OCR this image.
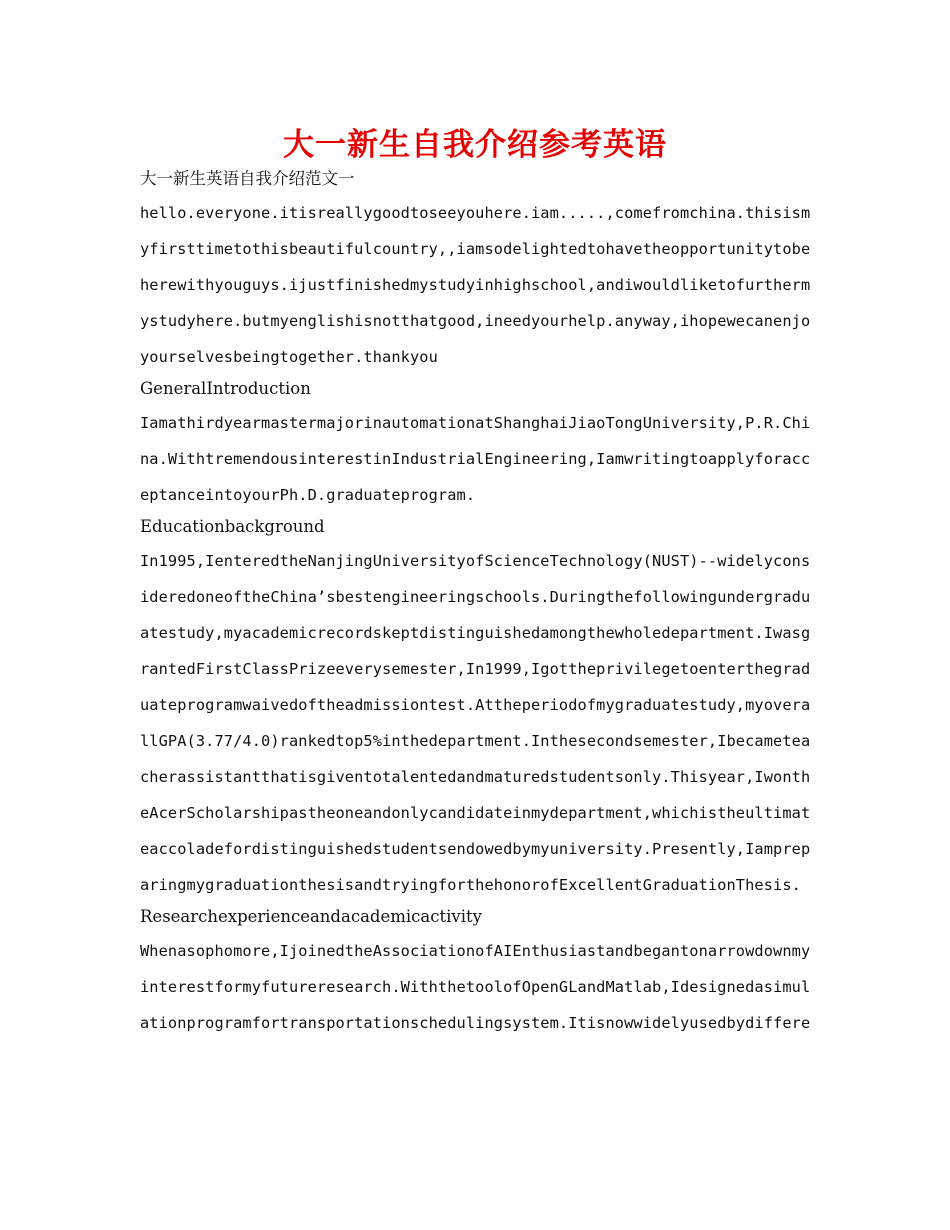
大一新生自我介绍参考英语
大一新生英语自我介绍范文一
hello.everyone.itisreallygoodtoseeyouhere.iam.....,comefromchina.thisismyfirsttimetothisbeautifulcountry,,iamsodelightedtohavetheopportunitytobeherewithyouguys.ijustfinishedmystudyinhighschool,andiwouldliketofurthermystudyhere.butmyenglishisnotthatgood,ineedyourhelp.anyway,ihopewecanenjoyourselvesbeingtogether.thankyou
GeneralIntroduction
IamathirdyearmastermajorinautomationatShanghaiJiaoTongUniversity,P.R.China.WithtremendousinterestinIndustrialEngineering,IamwritingtoapplyforacceptanceintoyourPh.D.graduateprogram.
Educationbackground
In1995,IenteredtheNanjingUniversityofScienceTechnology(NUST)--widelyconsideredoneoftheChina’sbestengineeringschools.Duringthefollowingundergraduatestudy,myacademicrecordskeptdistinguishedamongthewholedepartment.IwasgrantedFirstClassPrizeeverysemester,In1999,Igottheprivilegetoenterthegraduateprogramwaivedoftheadmissiontest.Attheperiodofmygraduatestudy,myoverallGPA(3.77/4.0)rankedtop5%inthedepartment.Inthesecondsemester,Ibecameteacherassistantthatisgiventotalentedandmaturedstudentsonly.Thisyear,IwontheAcerScholarshipastheoneandonlycandidateinmydepartment,whichistheultimateaccoladefordistinguishedstudentsendowedbymyuniversity.Presently,IampreparingmygraduationthesisandtryingforthehonorofExcellentGraduationThesis.
Researchexperienceandacademicactivity
Whenasophomore,IjoinedtheAssociationofAIEnthusiastandbegantonarrowdownmyinterestformyfutureresearch.WiththetoolofOpenGLandMatlab,Idesignedasimulationprogramfortransportationschedulingsystem.Itisnowwidelyusedbydiffere
